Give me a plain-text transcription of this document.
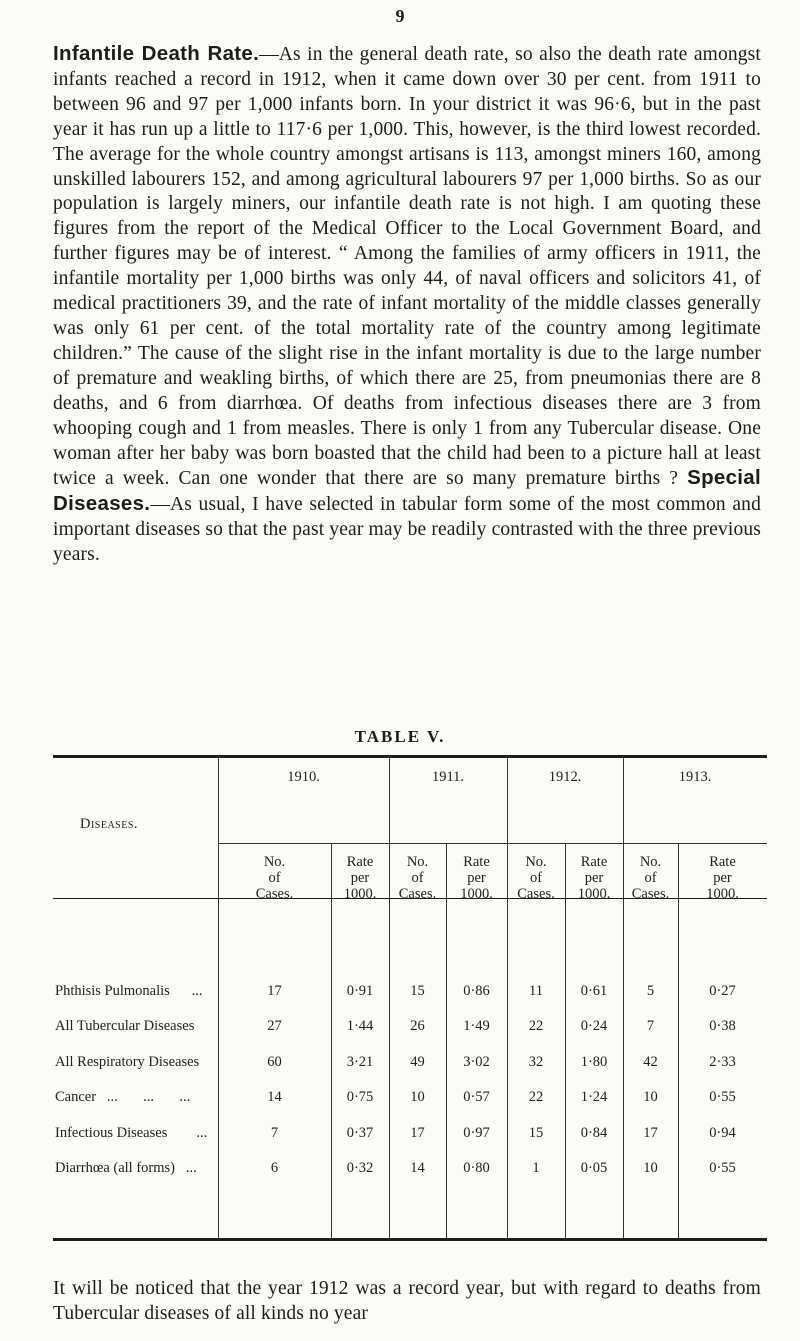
9

Infantile Death Rate.—As in the general death rate, so also the death rate amongst infants reached a record in 1912, when it came down over 30 per cent. from 1911 to between 96 and 97 per 1,000 infants born. In your district it was 96·6, but in the past year it has run up a little to 117·6 per 1,000. This, however, is the third lowest recorded. The average for the whole country amongst artisans is 113, amongst miners 160, among unskilled labourers 152, and among agricultural labourers 97 per 1,000 births. So as our population is largely miners, our infantile death rate is not high. I am quoting these figures from the report of the Medical Officer to the Local Government Board, and further figures may be of interest. “ Among the families of army officers in 1911, the infantile mortality per 1,000 births was only 44, of naval officers and solicitors 41, of medical practitioners 39, and the rate of infant mortality of the middle classes generally was only 61 per cent. of the total mortality rate of the country among legitimate children.” The cause of the slight rise in the infant mortality is due to the large number of premature and weakling births, of which there are 25, from pneumonias there are 8 deaths, and 6 from diarrhœa. Of deaths from infectious diseases there are 3 from whooping cough and 1 from measles. There is only 1 from any Tubercular disease. One woman after her baby was born boasted that the child had been to a picture hall at least twice a week. Can one wonder that there are so many premature births ? Special Diseases.—As usual, I have selected in tabular form some of the most common and important diseases so that the past year may be readily contrasted with the three previous years.

TABLE V.
Diseases.
1910.
No.	Rate
of	per
Cases.	1000.
1911.
No.	Rate
of	per
Cases.	1000.
1912.
No.	Rate
of	per
Cases.	1000.
1913.
No.	Rate
of	per
Cases.	1000.
Phthisis Pulmonalis      ...	17	0·91	15	0·86	11	0·61	5	0·27
All Tubercular Diseases	27	1·44	26	1·49	22	0·24	7	0·38
All Respiratory Diseases	60	3·21	49	3·02	32	1·80	42	2·33
Cancer   ...       ...       ...	14	0·75	10	0·57	22	1·24	10	0·55
Infectious Diseases        ...	7	0·37	17	0·97	15	0·84	17	0·94
Diarrhœa (all forms)   ...	6	0·32	14	0·80	1	0·05	10	0·55
It will be noticed that the year 1912 was a record year, but with regard to deaths from Tubercular diseases of all kinds no year
